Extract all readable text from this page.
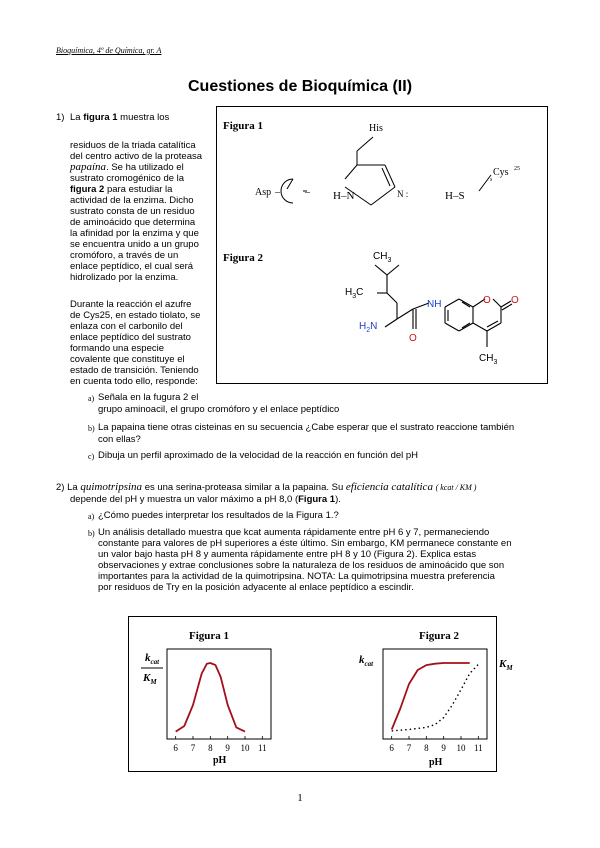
Bioquímica, 4º de Química, gr. A
Cuestiones de Bioquímica (II)
1) La figura 1 muestra los
residuos de la triada catalítica
del centro activo de la proteasa
papaína. Se ha utilizado el
sustrato cromogénico de la
figura 2 para estudiar la
actividad de la enzima. Dicho
sustrato consta de un residuo
de aminoácido que determina
la afinidad por la enzima y que
se encuentra unido a un grupo
cromóforo, a través de un
enlace peptídico, el cual será
hidrolizado por la enzima.
Durante la reacción el azufre
de Cys25, en estado tiolato, se
enlaza con el carbonilo del
enlace peptídico del sustrato
formando una especie
covalente que constituye el
estado de transición. Teniendo
en cuenta todo ello, responde:
Figura 1
Asp –	–
His
H–N	N :	H–S
s
Cys 25
Figura 2	$CH_3$
$H_3C$
$H_2N$
O
NH	O O
$CH_3$
a) Señala en la fugura 2 el
grupo aminoacil, el grupo cromóforo y el enlace peptídico
b) La papaina tiene otras cisteinas en su secuencia ¿Cabe esperar que el sustrato reaccione también
con ellas?
c) Dibuja un perfil aproximado de la velocidad de la reacción en función del pH
2) La quimotripsina es una serina-proteasa similar a la papaina. Su eficiencia catalítica ( kcat / KM )
depende del pH y muestra un valor máximo a pH 8,0 (Figura 1).
a) ¿Cómo puedes interpretar los resultados de la Figura 1.?
b) Un análisis detallado muestra que kcat aumenta rápidamente entre pH 6 y 7, permaneciendo
constante para valores de pH superiores a éste último. Sin embargo, KM permanece constante en
un valor bajo hasta pH 8 y aumenta rápidamente entre pH 8 y 10 (Figura 2). Explica estas
observaciones y extrae conclusiones sobre la naturaleza de los residuos de aminoácido que son
importantes para la actividad de la quimotripsina. NOTA: La quimotripsina muestra preferencia
por residuos de Try en la posición adyacente al enlace peptídico a escindir.
Figura 1	Figura 2
$k_{cat}$
$K_M$
$k_{cat}$	$K_M$
6 7 8 9 10 11	6 7 8 9 10 11
pH	pH
1
